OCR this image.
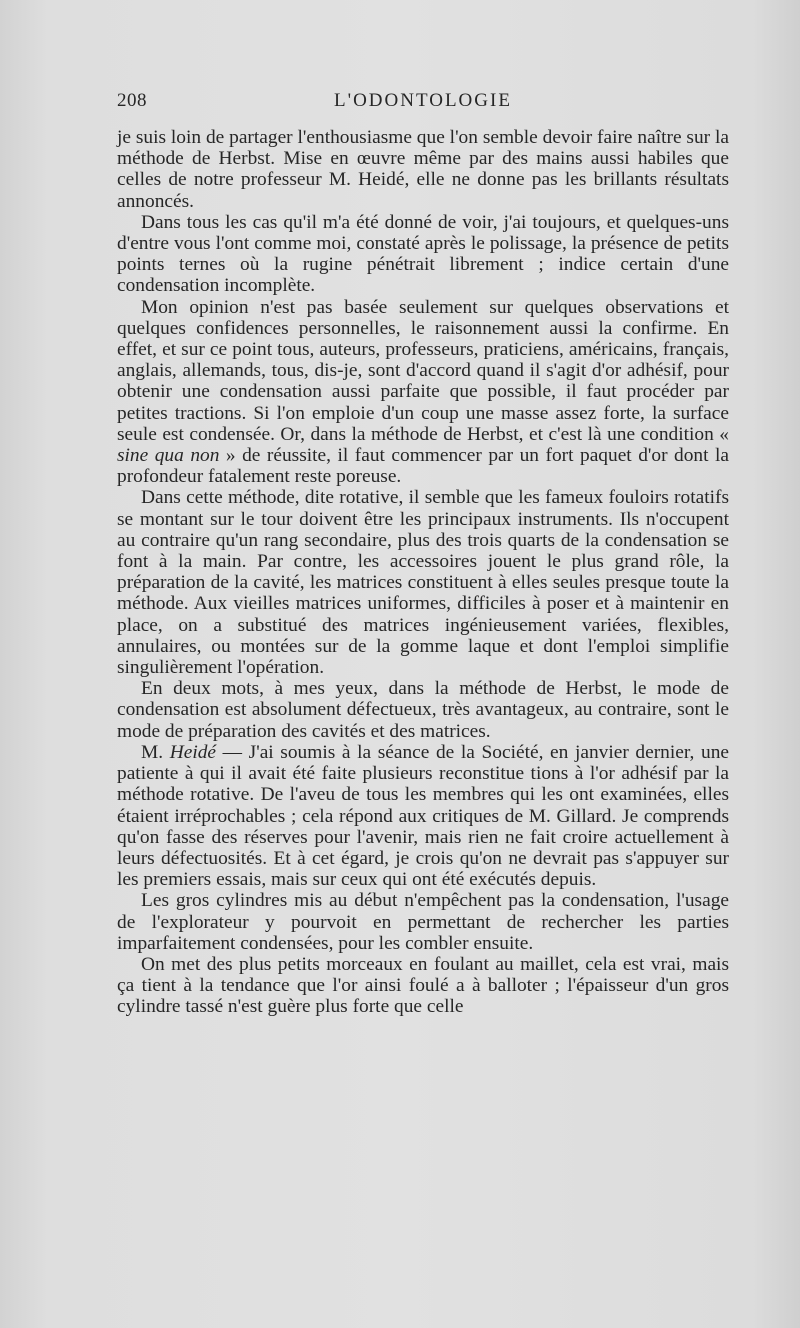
208	L'ODONTOLOGIE

je suis loin de partager l'enthousiasme que l'on semble devoir faire naître sur la méthode de Herbst. Mise en œuvre même par des mains aussi habiles que celles de notre professeur M. Heidé, elle ne donne pas les brillants résultats annoncés.

Dans tous les cas qu'il m'a été donné de voir, j'ai toujours, et quelques-uns d'entre vous l'ont comme moi, constaté après le polissage, la présence de petits points ternes où la rugine pénétrait librement ; indice certain d'une condensation incomplète.

Mon opinion n'est pas basée seulement sur quelques observations et quelques confidences personnelles, le raisonnement aussi la confirme. En effet, et sur ce point tous, auteurs, professeurs, praticiens, américains, français, anglais, allemands, tous, dis-je, sont d'accord quand il s'agit d'or adhésif, pour obtenir une condensation aussi parfaite que possible, il faut procéder par petites tractions. Si l'on emploie d'un coup une masse assez forte, la surface seule est condensée. Or, dans la méthode de Herbst, et c'est là une condition « sine qua non » de réussite, il faut commencer par un fort paquet d'or dont la profondeur fatalement reste poreuse.

Dans cette méthode, dite rotative, il semble que les fameux fouloirs rotatifs se montant sur le tour doivent être les principaux instruments. Ils n'occupent au contraire qu'un rang secondaire, plus des trois quarts de la condensation se font à la main. Par contre, les accessoires jouent le plus grand rôle, la préparation de la cavité, les matrices constituent à elles seules presque toute la méthode. Aux vieilles matrices uniformes, difficiles à poser et à maintenir en place, on a substitué des matrices ingénieusement variées, flexibles, annulaires, ou montées sur de la gomme laque et dont l'emploi simplifie singulièrement l'opération.

En deux mots, à mes yeux, dans la méthode de Herbst, le mode de condensation est absolument défectueux, très avantageux, au contraire, sont le mode de préparation des cavités et des matrices.

M. Heidé — J'ai soumis à la séance de la Société, en janvier dernier, une patiente à qui il avait été faite plusieurs reconstitue tions à l'or adhésif par la méthode rotative. De l'aveu de tous les membres qui les ont examinées, elles étaient irréprochables ; cela répond aux critiques de M. Gillard. Je comprends qu'on fasse des réserves pour l'avenir, mais rien ne fait croire actuellement à leurs défectuosités. Et à cet égard, je crois qu'on ne devrait pas s'appuyer sur les premiers essais, mais sur ceux qui ont été exécutés depuis.

Les gros cylindres mis au début n'empêchent pas la condensation, l'usage de l'explorateur y pourvoit en permettant de rechercher les parties imparfaitement condensées, pour les combler ensuite.

On met des plus petits morceaux en foulant au maillet, cela est vrai, mais ça tient à la tendance que l'or ainsi foulé a à balloter ; l'épaisseur d'un gros cylindre tassé n'est guère plus forte que celle
